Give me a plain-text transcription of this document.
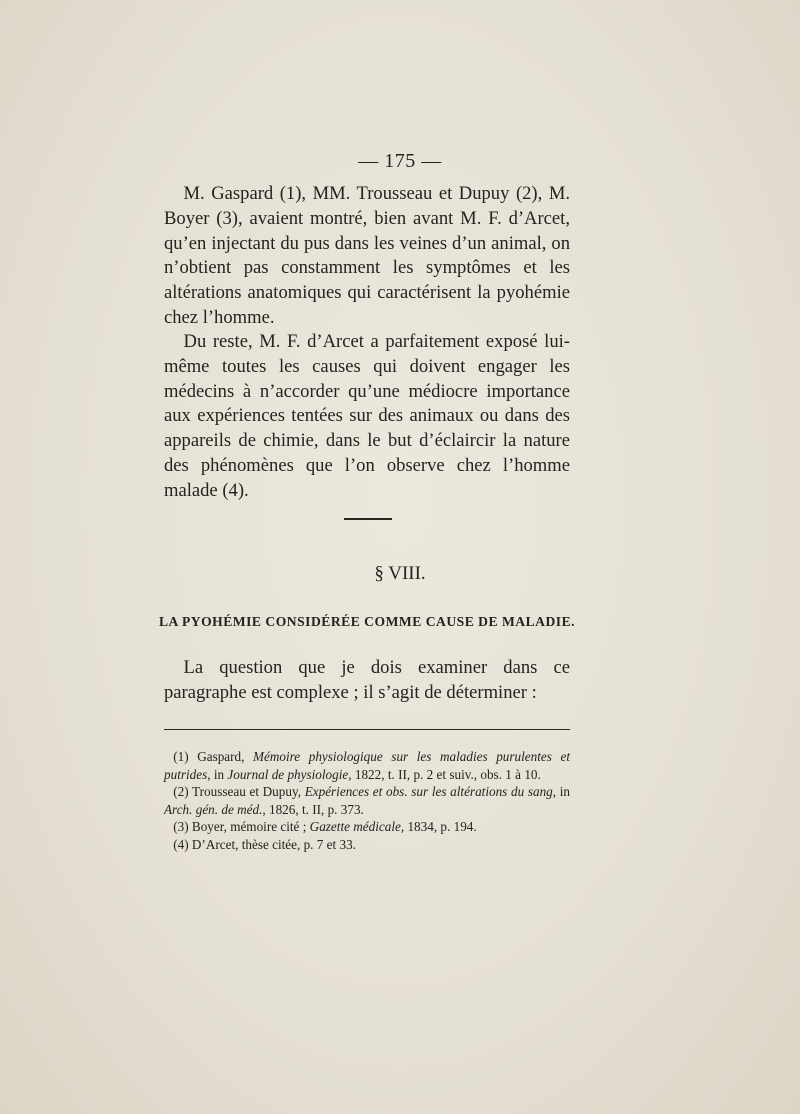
— 175 —

M. Gaspard (1), MM. Trousseau et Dupuy (2), M. Boyer (3), avaient montré, bien avant M. F. d’Arcet, qu’en injectant du pus dans les veines d’un animal, on n’obtient pas constamment les symptômes et les altérations anatomiques qui caractérisent la pyohémie chez l’homme.

Du reste, M. F. d’Arcet a parfaitement exposé lui-même toutes les causes qui doivent engager les médecins à n’accorder qu’une médiocre importance aux expériences tentées sur des animaux ou dans des appareils de chimie, dans le but d’éclaircir la nature des phénomènes que l’on observe chez l’homme malade (4).

§ VIII.
LA PYOHÉMIE CONSIDÉRÉE COMME CAUSE DE MALADIE.

La question que je dois examiner dans ce paragraphe est complexe ; il s’agit de déterminer :

(1) Gaspard, Mémoire physiologique sur les maladies purulentes et putrides, in Journal de physiologie, 1822, t. II, p. 2 et suiv., obs. 1 à 10.

(2) Trousseau et Dupuy, Expériences et obs. sur les altérations du sang, in Arch. gén. de méd., 1826, t. II, p. 373.

(3) Boyer, mémoire cité ; Gazette médicale, 1834, p. 194.

(4) D’Arcet, thèse citée, p. 7 et 33.
